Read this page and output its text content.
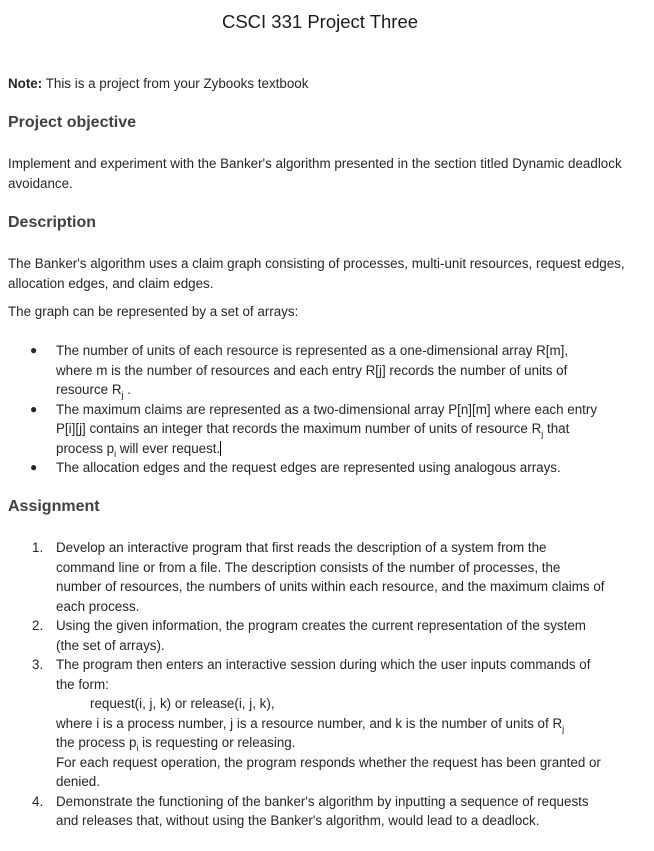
CSCI 331 Project Three
Note: This is a project from your Zybooks textbook
Project objective

Implement and experiment with the Banker's algorithm presented in the section titled Dynamic deadlock avoidance.

Description

The Banker's algorithm uses a claim graph consisting of processes, multi-unit resources, request edges, allocation edges, and claim edges.

The graph can be represented by a set of arrays:

● The number of units of each resource is represented as a one-dimensional array R[m], where m is the number of resources and each entry R[j] records the number of units of resource $R_j$ .
● The maximum claims are represented as a two-dimensional array P[n][m] where each entry P[i][j] contains an integer that records the maximum number of units of resource $R_j$ that process $p_i$ will ever request.
● The allocation edges and the request edges are represented using analogous arrays.
Assignment
1. Develop an interactive program that first reads the description of a system from the command line or from a file. The description consists of the number of processes, the number of resources, the numbers of units within each resource, and the maximum claims of each process.
2. Using the given information, the program creates the current representation of the system (the set of arrays).
3. The program then enters an interactive session during which the user inputs commands of the form:
request(i, j, k) or release(i, j, k),
where i is a process number, j is a resource number, and k is the number of units of $R_j$
the process $p_i$ is requesting or releasing.
For each request operation, the program responds whether the request has been granted or denied.
4. Demonstrate the functioning of the banker's algorithm by inputting a sequence of requests and releases that, without using the Banker's algorithm, would lead to a deadlock.
